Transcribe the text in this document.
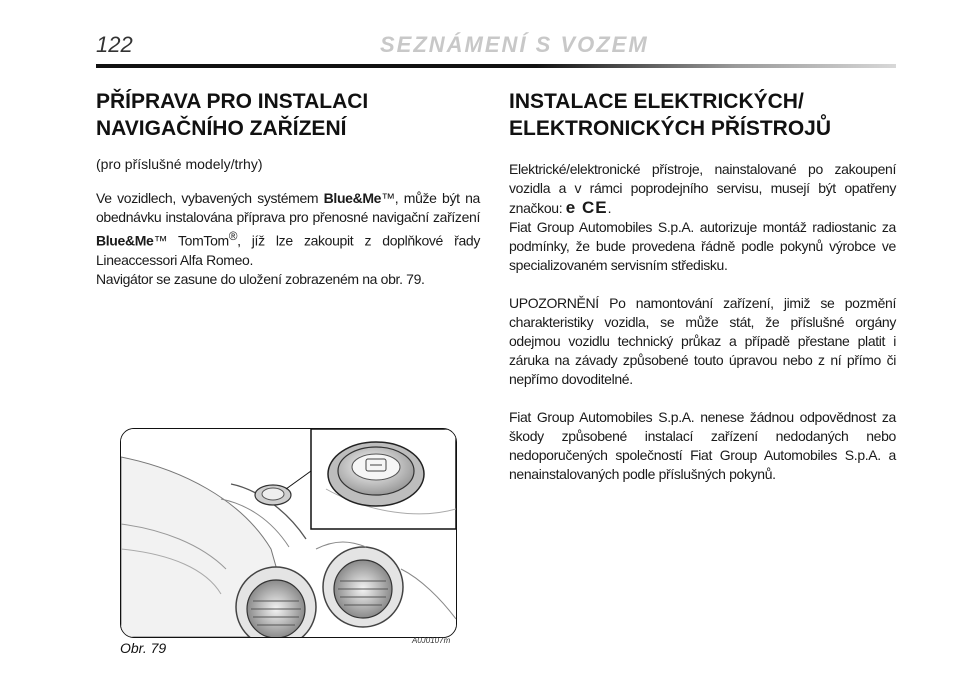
122	SEZNÁMENÍ S VOZEM
PŘÍPRAVA PRO INSTALACI
NAVIGAČNÍHO ZAŘÍZENÍ

(pro příslušné modely/trhy)

Ve vozidlech, vybavených systémem Blue&Me™, může být na obednávku instalována příprava pro přenosné navigační zařízení Blue&Me™ TomTom®, jíž lze zakoupit z doplňkové řady Lineaccessori Alfa Romeo.
Navigátor se zasune do uložení zobrazeném na obr. 79.

INSTALACE ELEKTRICKÝCH/
ELEKTRONICKÝCH PŘÍSTROJŮ

Elektrické/elektronické přístroje, nainstalované po zakoupení vozidla a v rámci poprodejního servisu, musejí být opatřeny značkou: e CE.
Fiat Group Automobiles S.p.A. autorizuje montáž radiostanic za podmínky, že bude provedena řádně podle pokynů výrobce ve specializovaném servisním středisku.

UPOZORNĚNÍ Po namontování zařízení, jimiž se pozmění charakteristiky vozidla, se může stát, že příslušné orgány odejmou vozidlu technický průkaz a případě přestane platit i záruka na závady způsobené touto úpravou nebo z ní přímo či nepřímo dovoditelné.

Fiat Group Automobiles S.p.A. nenese žádnou odpovědnost za škody způsobené instalací zařízení nedodaných nebo nedoporučených společností Fiat Group Automobiles S.p.A. a nenainstalovaných podle příslušných pokynů.

Obr. 79	A0J0107m
